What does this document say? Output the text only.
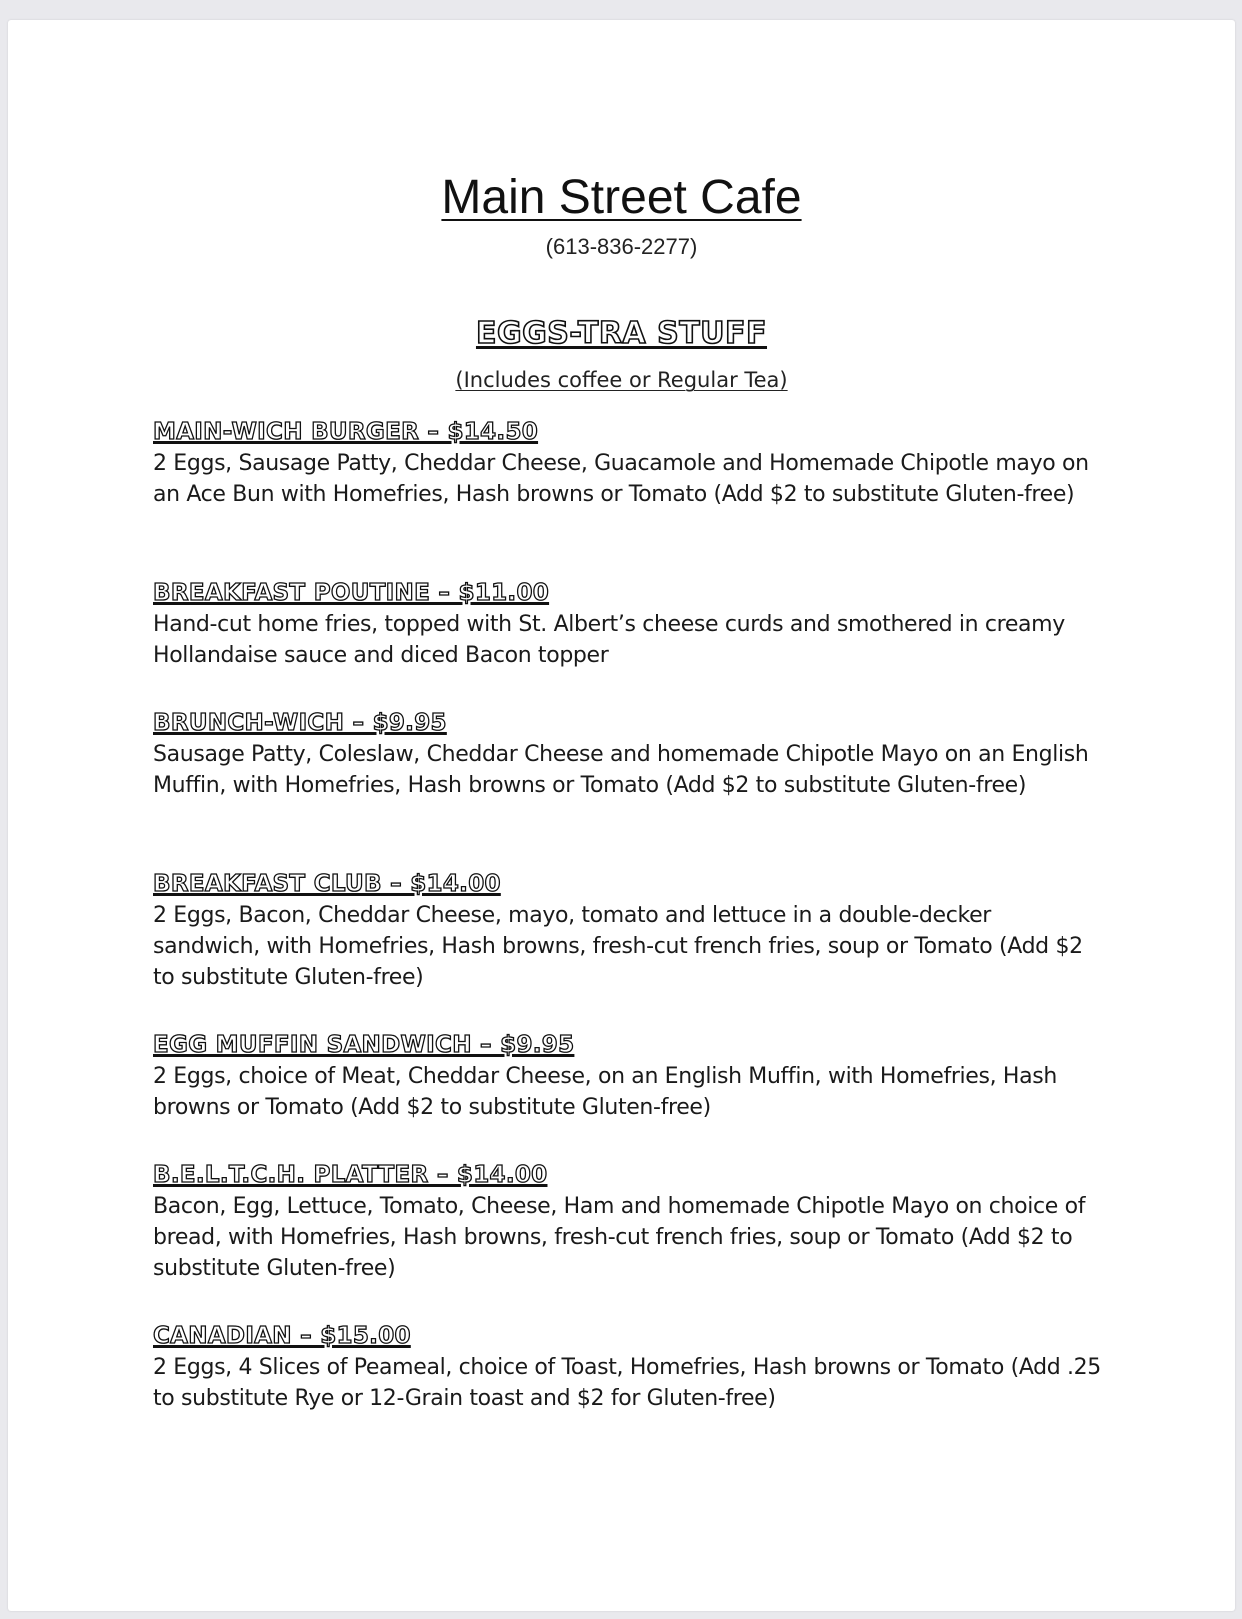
Main Street Cafe
(613-836-2277)
EGGS-TRA STUFF
(Includes coffee or Regular Tea)
MAIN-WICH BURGER – $14.50
2 Eggs, Sausage Patty, Cheddar Cheese, Guacamole and Homemade Chipotle mayo on an Ace Bun with Homefries, Hash browns or Tomato (Add $2 to substitute Gluten-free)
BREAKFAST POUTINE – $11.00
Hand-cut home fries, topped with St. Albert’s cheese curds and smothered in creamy Hollandaise sauce and diced Bacon topper
BRUNCH-WICH – $9.95
Sausage Patty, Coleslaw, Cheddar Cheese and homemade Chipotle Mayo on an English Muffin, with Homefries, Hash browns or Tomato (Add $2 to substitute Gluten-free)
BREAKFAST CLUB – $14.00
2 Eggs, Bacon, Cheddar Cheese, mayo, tomato and lettuce in a double-decker sandwich, with Homefries, Hash browns, fresh-cut french fries, soup or Tomato (Add $2 to substitute Gluten-free)
EGG MUFFIN SANDWICH – $9.95
2 Eggs, choice of Meat, Cheddar Cheese, on an English Muffin, with Homefries, Hash browns or Tomato (Add $2 to substitute Gluten-free)
B.E.L.T.C.H. PLATTER – $14.00
Bacon, Egg, Lettuce, Tomato, Cheese, Ham and homemade Chipotle Mayo on choice of bread, with Homefries, Hash browns, fresh-cut french fries, soup or Tomato (Add $2 to substitute Gluten-free)
CANADIAN – $15.00
2 Eggs, 4 Slices of Peameal, choice of Toast, Homefries, Hash browns or Tomato (Add .25 to substitute Rye or 12-Grain toast and $2 for Gluten-free)
